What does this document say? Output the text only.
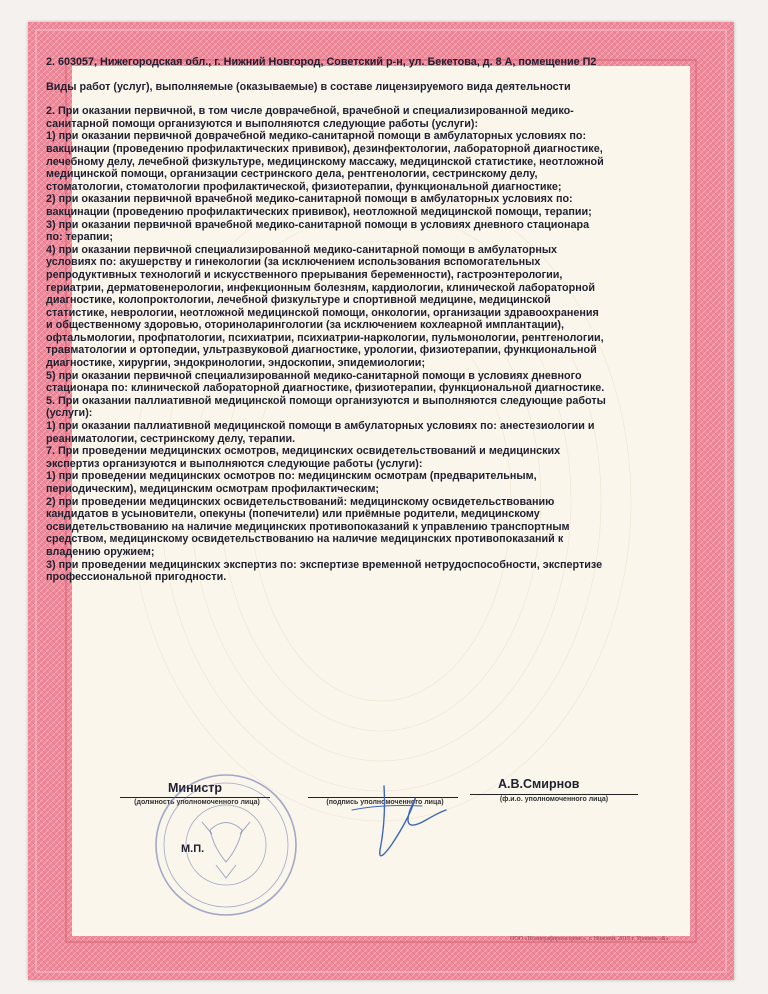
2. 603057, Нижегородская обл., г. Нижний Новгород, Советский р-н, ул. Бекетова, д. 8 А, помещение П2

Виды работ (услуг), выполняемые (оказываемые) в составе лицензируемого вида деятельности

2. При оказании первичной, в том числе доврачебной, врачебной и специализированной медико-санитарной помощи организуются и выполняются следующие работы (услуги):

1) при оказании первичной доврачебной медико-санитарной помощи в амбулаторных условиях по: вакцинации (проведению профилактических прививок), дезинфектологии, лабораторной диагностике, лечебному делу, лечебной физкультуре, медицинскому массажу, медицинской статистике, неотложной медицинской помощи, организации сестринского дела, рентгенологии, сестринскому делу, стоматологии, стоматологии профилактической, физиотерапии, функциональной диагностике;

2) при оказании первичной врачебной медико-санитарной помощи в амбулаторных условиях по: вакцинации (проведению профилактических прививок), неотложной медицинской помощи, терапии;

3) при оказании первичной врачебной медико-санитарной помощи в условиях дневного стационара по: терапии;

4) при оказании первичной специализированной медико-санитарной помощи в амбулаторных условиях по: акушерству и гинекологии (за исключением использования вспомогательных репродуктивных технологий и искусственного прерывания беременности), гастроэнтерологии, гериатрии, дерматовенерологии, инфекционным болезням, кардиологии, клинической лабораторной диагностике, колопроктологии, лечебной физкультуре и спортивной медицине, медицинской статистике, неврологии, неотложной медицинской помощи, онкологии, организации здравоохранения и общественному здоровью, оториноларингологии (за исключением кохлеарной имплантации), офтальмологии, профпатологии, психиатрии, психиатрии-наркологии, пульмонологии, рентгенологии, травматологии и ортопедии, ультразвуковой диагностике, урологии, физиотерапии, функциональной диагностике, хирургии, эндокринологии, эндоскопии, эпидемиологии;

5) при оказании первичной специализированной медико-санитарной помощи в условиях дневного стационара по: клинической лабораторной диагностике, физиотерапии, функциональной диагностике.

5. При оказании паллиативной медицинской помощи организуются и выполняются следующие работы (услуги):

1) при оказании паллиативной медицинской помощи в амбулаторных условиях по: анестезиологии и реаниматологии, сестринскому делу, терапии.

7. При проведении медицинских осмотров, медицинских освидетельствований и медицинских экспертиз организуются и выполняются следующие работы (услуги):

1) при проведении медицинских осмотров по: медицинским осмотрам (предварительным, периодическим), медицинским осмотрам профилактическим;

2) при проведении медицинских освидетельствований: медицинскому освидетельствованию кандидатов в усыновители, опекуны (попечители) или приёмные родители, медицинскому освидетельствованию на наличие медицинских противопоказаний к управлению транспортным средством, медицинскому освидетельствованию на наличие медицинских противопоказаний к владению оружием;

3) при проведении медицинских экспертиз по: экспертизе временной нетрудоспособности, экспертизе профессиональной пригодности.

Министр
(должность уполномоченного лица)	(подпись уполномоченного лица)
А.В.Смирнов
(ф.и.о. уполномоченного лица)
М.П.
ООО «Полиграфпромсервис», г. Нижний, 2019 г. Уровень «Б»
